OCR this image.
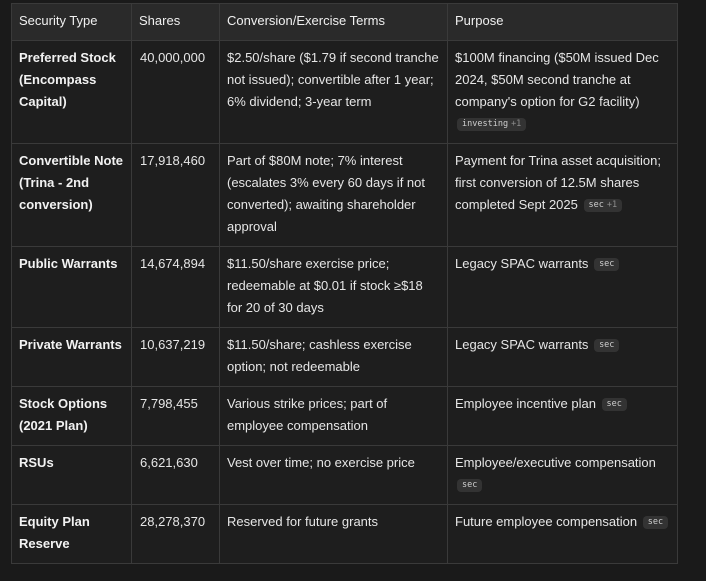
Security Type	Shares	Conversion/Exercise Terms	Purpose
Preferred Stock (Encompass Capital)	40,000,000	$2.50/share ($1.79 if second tranche not issued); convertible after 1 year; 6% dividend; 3-year term	$100M financing ($50M issued Dec 2024, $50M second tranche at company's option for G2 facility) investing +1
Convertible Note (Trina - 2nd conversion)	17,918,460	Part of $80M note; 7% interest (escalates 3% every 60 days if not converted); awaiting shareholder approval	Payment for Trina asset acquisition; first conversion of 12.5M shares completed Sept 2025 sec +1
Public Warrants	14,674,894	$11.50/share exercise price; redeemable at $0.01 if stock ≥$18 for 20 of 30 days	Legacy SPAC warrants sec
Private Warrants	10,637,219	$11.50/share; cashless exercise option; not redeemable	Legacy SPAC warrants sec
Stock Options (2021 Plan)	7,798,455	Various strike prices; part of employee compensation	Employee incentive plan sec
RSUs	6,621,630	Vest over time; no exercise price	Employee/executive compensation sec
Equity Plan Reserve	28,278,370	Reserved for future grants	Future employee compensation sec
